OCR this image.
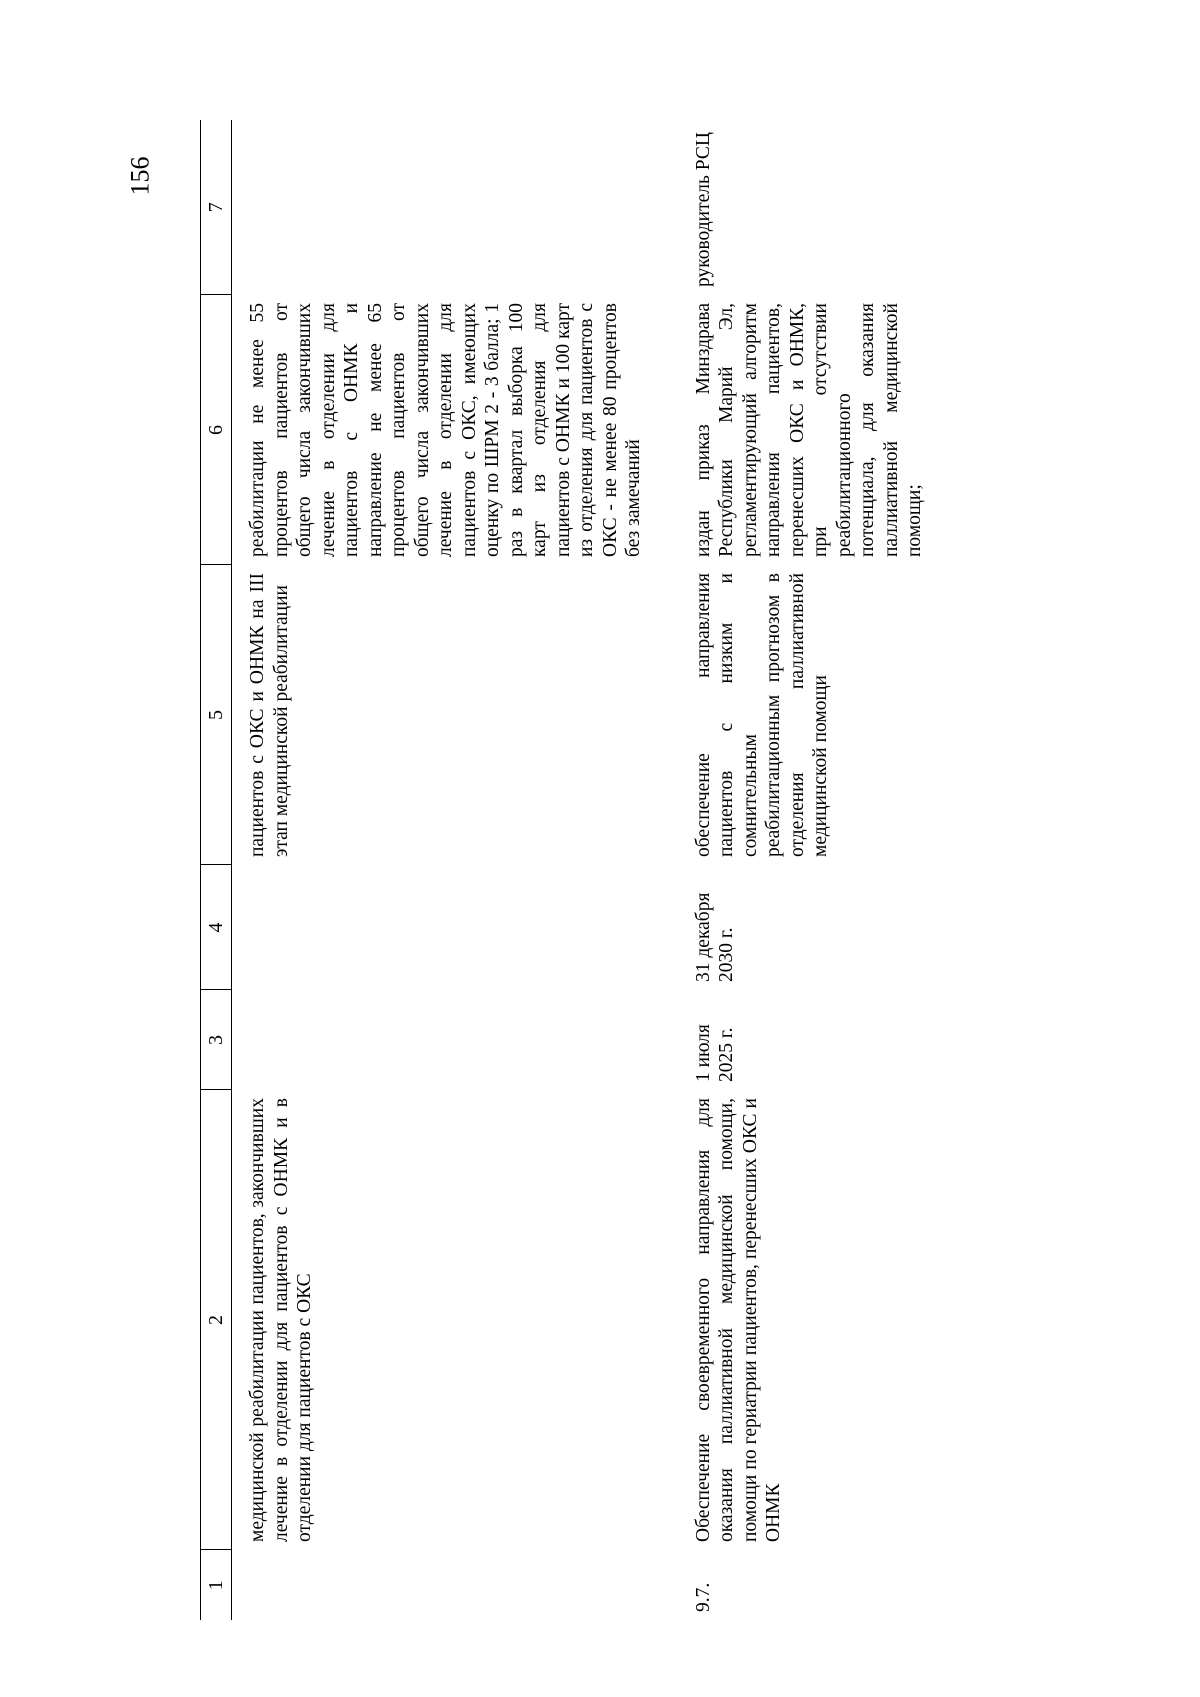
156
1	2	3	4	5	6	7
	медицинской реабилитации пациентов, закончивших лечение в отделении для пациентов с ОНМК и в отделении для пациентов с ОКС			пациентов с ОКС и ОНМК на III этап медицинской реабилитации	реабилитации не менее 55 процентов пациентов от общего числа закончивших лечение в отделении для пациентов с ОНМК и направление не менее 65 процентов пациентов от общего числа закончивших лечение в отделении для пациентов с ОКС, имеющих оценку по ШРМ 2 - 3 балла; 1 раз в квартал выборка 100 карт из отделения для пациентов с ОНМК и 100 карт из отделения для пациентов с ОКС - не менее 80 процентов без замечаний	
9.7.	Обеспечение своевременного направления для оказания паллиативной медицинской помощи, помощи по гериатрии пациентов, перенесших ОКС и ОНМК	1 июля 2025 г.	31 декабря 2030 г.	обеспечение направления пациентов с низким и сомнительным реабилитационным прогнозом в отделения паллиативной медицинской помощи	издан приказ Минздрава Республики Марий Эл, регламентирующий алгоритм направления пациентов, перенесших ОКС и ОНМК, при отсутствии реабилитационного потенциала, для оказания паллиативной медицинской помощи;	руководитель РСЦ
